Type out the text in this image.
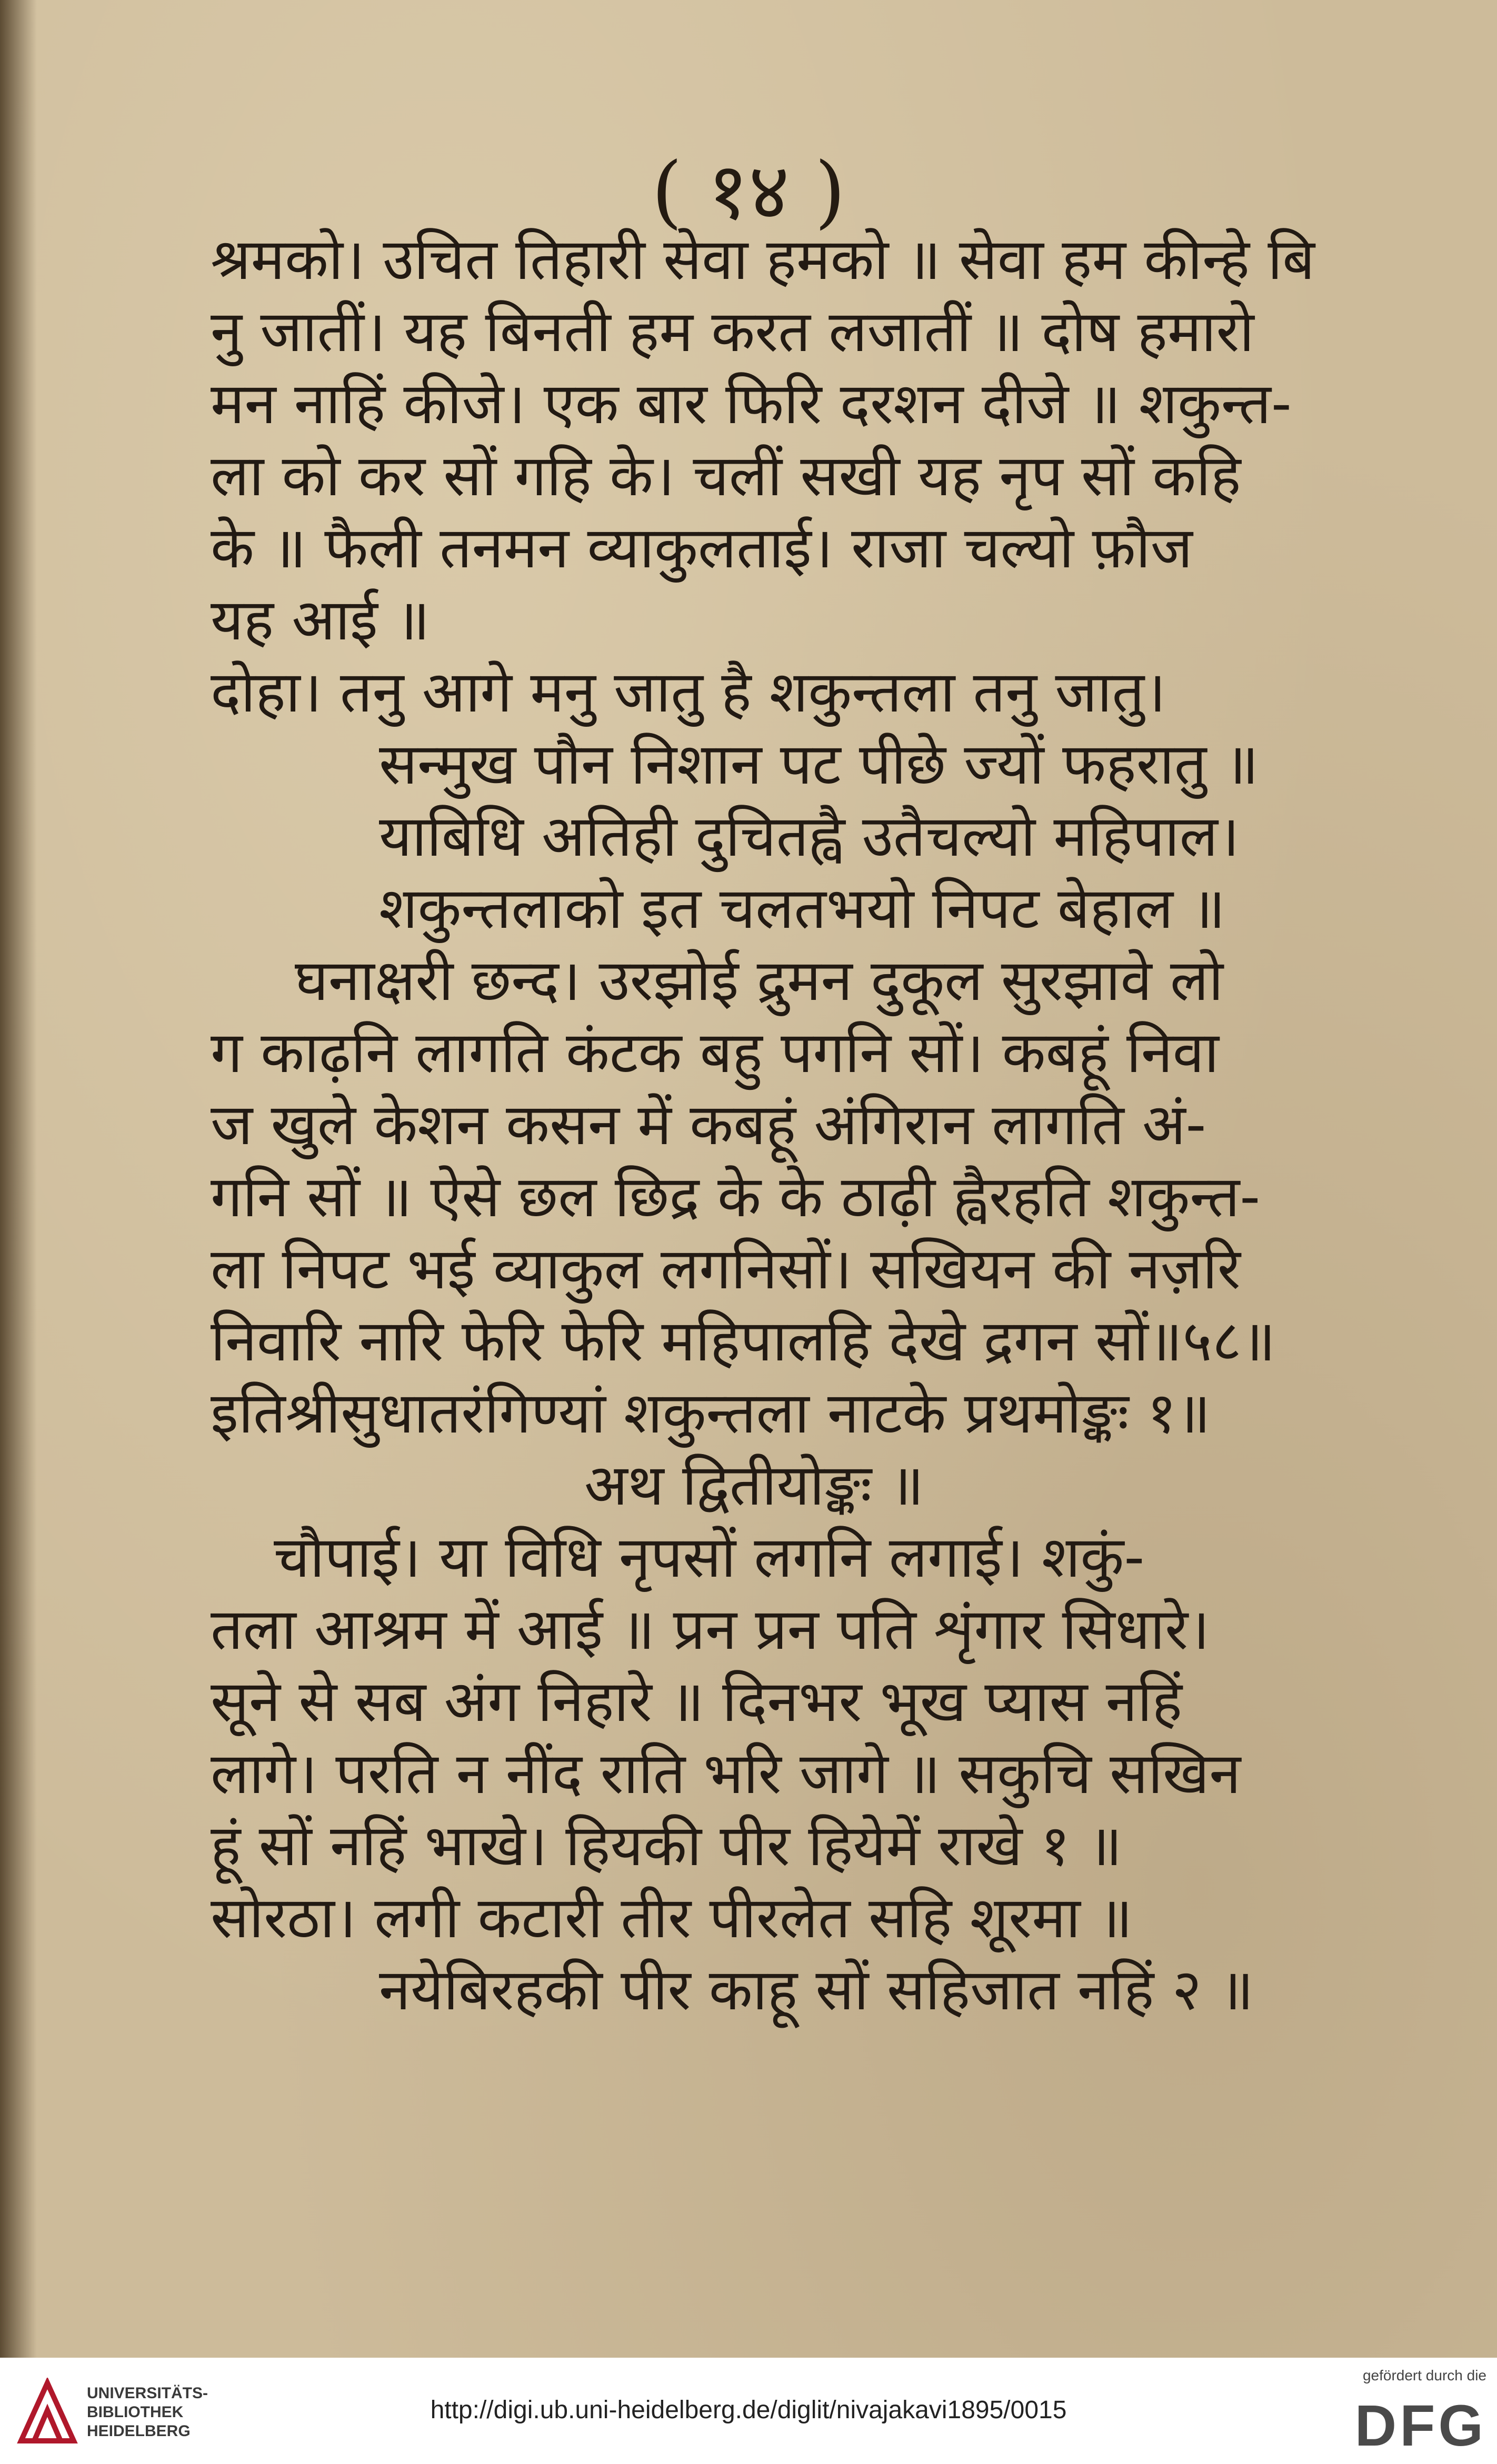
( १४ )
श्रमको। उचित तिहारी सेवा हमको ॥ सेवा हम कीन्हे बि
नु जातीं। यह बिनती हम करत लजातीं ॥ दोष हमारो
मन नाहिं कीजे। एक बार फिरि दरशन दीजे ॥ शकुन्त-
ला को कर सों गहि के। चलीं सखी यह नृप सों कहि
के ॥ फैली तनमन व्याकुलताई। राजा चल्यो फ़ौज
यह आई ॥
दोहा। तनु आगे मनु जातु है शकुन्तला तनु जातु।
सन्मुख पौन निशान पट पीछे ज्यों फहरातु ॥
याबिधि अतिही दुचितह्वै उतैचल्यो महिपाल।
शकुन्तलाको इत चलतभयो निपट बेहाल ॥
घनाक्षरी छन्द। उरझोई द्रुमन दुकूल सुरझावे लो
ग काढ़नि लागति कंटक बहु पगनि सों। कबहूं निवा
ज खुले केशन कसन में कबहूं अंगिरान लागति अं-
गनि सों ॥ ऐसे छल छिद्र के के ठाढ़ी ह्वैरहति शकुन्त-
ला निपट भई व्याकुल लगनिसों। सखियन की नज़रि
निवारि नारि फेरि फेरि महिपालहि देखे द्रगन सों॥५८॥
इतिश्रीसुधातरंगिण्यां शकुन्तला नाटके प्रथमोङ्कः १॥
अथ द्वितीयोङ्कः ॥
चौपाई। या विधि नृपसों लगनि लगाई। शकुं-
तला आश्रम में आई ॥ प्रन प्रन पति शृंगार सिधारे।
सूने से सब अंग निहारे ॥ दिनभर भूख प्यास नहिं
लागे। परति न नींद राति भरि जागे ॥ सकुचि सखिन
हूं सों नहिं भाखे। हियकी पीर हियेमें राखे १ ॥
सोरठा। लगी कटारी तीर पीरलेत सहि शूरमा ॥
नयेबिरहकी पीर काहू सों सहिजात नहिं २ ॥
UNIVERSITÄTS-
BIBLIOTHEK
HEIDELBERG
http://digi.ub.uni-heidelberg.de/diglit/nivajakavi1895/0015
gefördert durch die
DFG
